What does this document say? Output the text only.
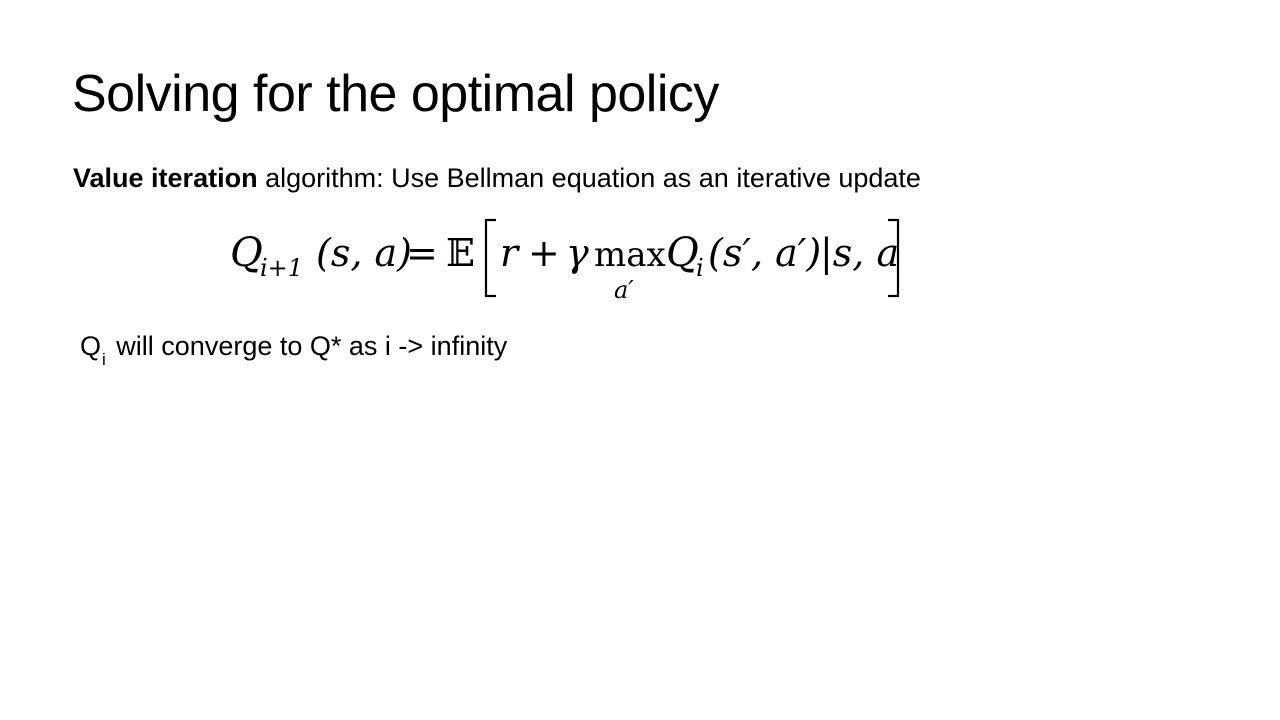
Solving for the optimal policy
Value iteration algorithm: Use Bellman equation as an iterative update
Q
i+1 (s, a)
= 𝔼 r + γ max
a′
Q
i (s′, a′)
|s, a
$Q_i$ will converge to Q* as i -> infinity
